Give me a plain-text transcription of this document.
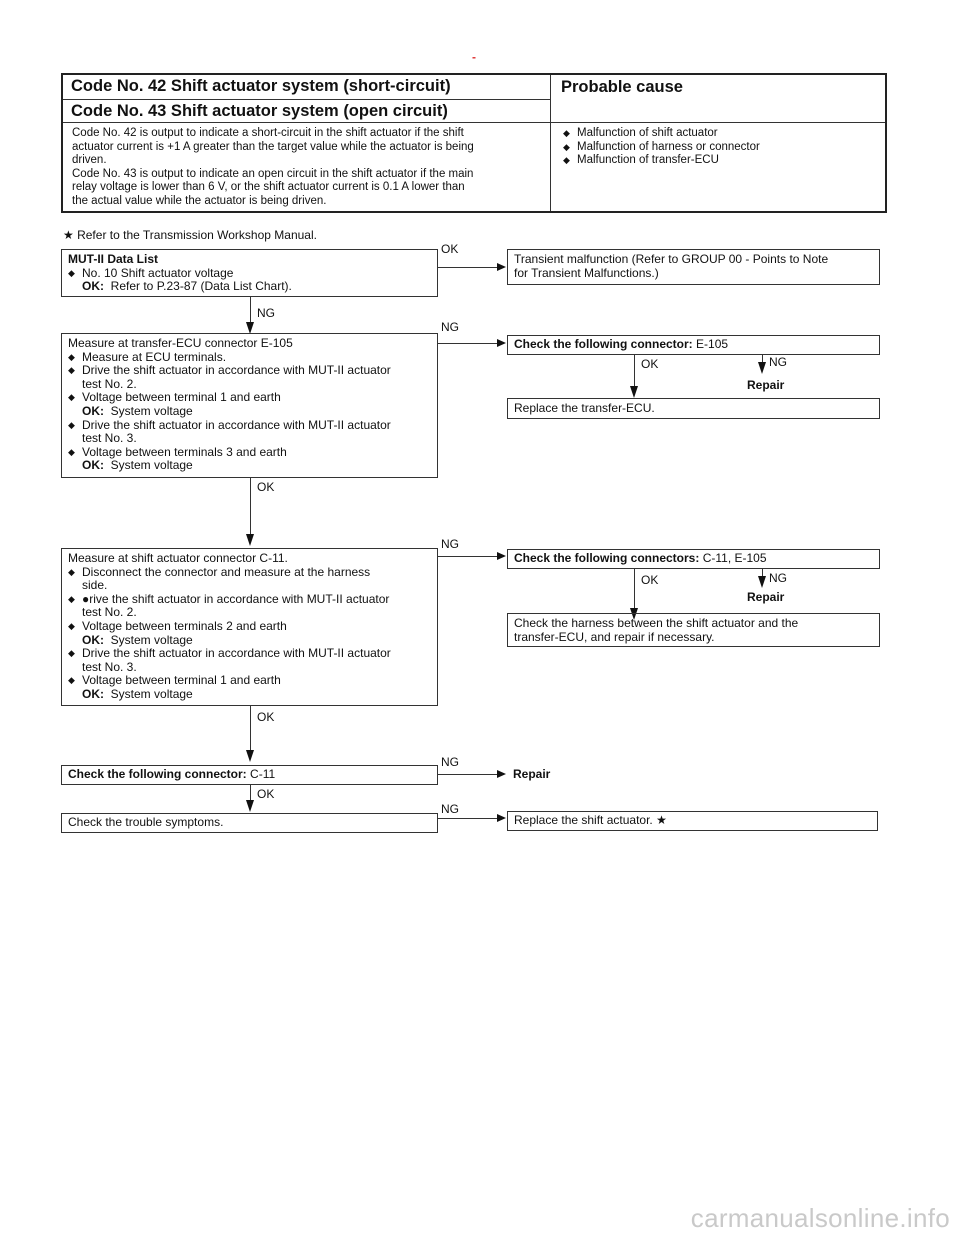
-
Code No. 42 Shift actuator system (short-circuit)
Code No. 43 Shift actuator system (open circuit)
Probable cause
Code No. 42 is output to indicate a short-circuit in the shift actuator if the shift
actuator current is +1 A greater than the target value while the actuator is being
driven.
Code No. 43 is output to indicate an open circuit in the shift actuator if the main
relay voltage is lower than 6 V, or the shift actuator current is 0.1 A lower than
the actual value while the actuator is being driven.
◆ Malfunction of shift actuator
◆ Malfunction of harness or connector
◆ Malfunction of transfer-ECU
★ Refer to the Transmission Workshop Manual.
MUT-II Data List
◆ No. 10 Shift actuator voltage
OK: Refer to P.23-87 (Data List Chart).
OK
Transient malfunction (Refer to GROUP 00 - Points to Note
for Transient Malfunctions.)
NG
Measure at transfer-ECU connector E-105
◆ Measure at ECU terminals.
◆ Drive the shift actuator in accordance with MUT-II actuator
test No. 2.
◆ Voltage between terminal 1 and earth
OK: System voltage
◆ Drive the shift actuator in accordance with MUT-II actuator
test No. 3.
◆ Voltage between terminals 3 and earth
OK: System voltage
NG
Check the following connector: E-105
OK	NG
Repair
Replace the transfer-ECU.
OK
Measure at shift actuator connector C-11.
◆ Disconnect the connector and measure at the harness
side.
◆ ●rive the shift actuator in accordance with MUT-II actuator
test No. 2.
◆ Voltage between terminals 2 and earth
OK: System voltage
◆ Drive the shift actuator in accordance with MUT-II actuator
test No. 3.
◆ Voltage between terminal 1 and earth
OK: System voltage
NG
Check the following connectors: C-11, E-105
OK	NG
Repair
Check the harness between the shift actuator and the
transfer-ECU, and repair if necessary.
OK
Check the following connector: C-11
NG
Repair
OK
Check the trouble symptoms.
NG
Replace the shift actuator. ★
carmanualsonline.info
